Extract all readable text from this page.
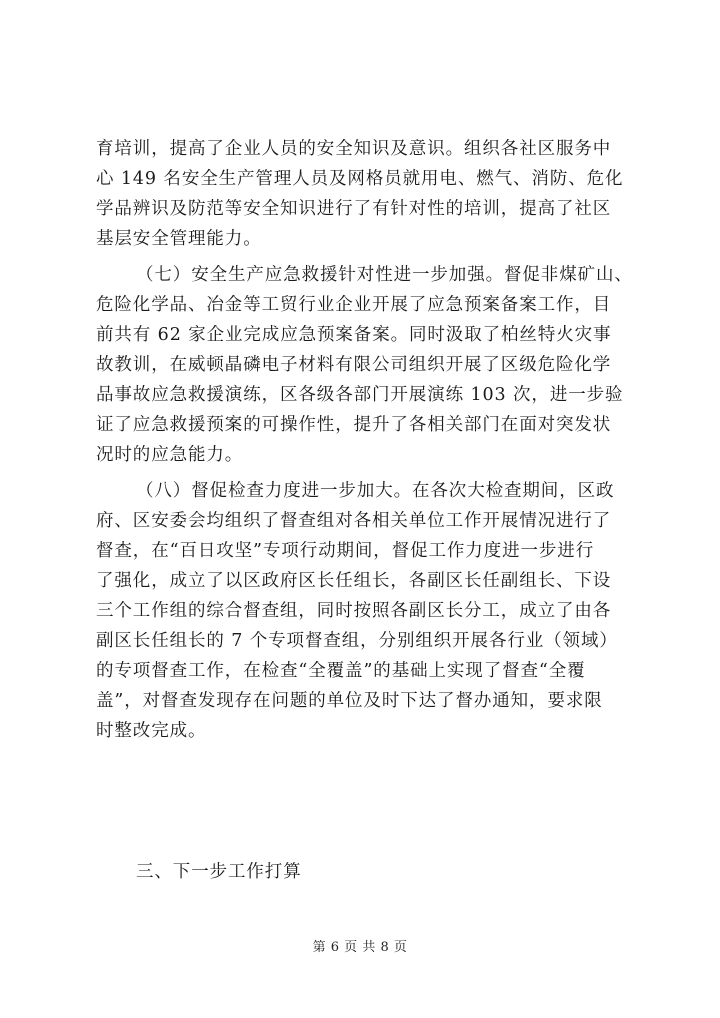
育培训，提高了企业人员的安全知识及意识。组织各社区服务中
心 149 名安全生产管理人员及网格员就用电、燃气、消防、危化
学品辨识及防范等安全知识进行了有针对性的培训，提高了社区
基层安全管理能力。
（七）安全生产应急救援针对性进一步加强。督促非煤矿山、
危险化学品、冶金等工贸行业企业开展了应急预案备案工作，目
前共有 62 家企业完成应急预案备案。同时汲取了柏丝特火灾事
故教训，在威顿晶磷电子材料有限公司组织开展了区级危险化学
品事故应急救援演练，区各级各部门开展演练 103 次，进一步验
证了应急救援预案的可操作性，提升了各相关部门在面对突发状
况时的应急能力。
（八）督促检查力度进一步加大。在各次大检查期间，区政
府、区安委会均组织了督查组对各相关单位工作开展情况进行了
督查，在“百日攻坚”专项行动期间，督促工作力度进一步进行
了强化，成立了以区政府区长任组长，各副区长任副组长、下设
三个工作组的综合督查组，同时按照各副区长分工，成立了由各
副区长任组长的 7 个专项督查组，分别组织开展各行业（领域）
的专项督查工作，在检查“全覆盖”的基础上实现了督查“全覆
盖”，对督查发现存在问题的单位及时下达了督办通知，要求限
时整改完成。
三、下一步工作打算
第 6 页 共 8 页
